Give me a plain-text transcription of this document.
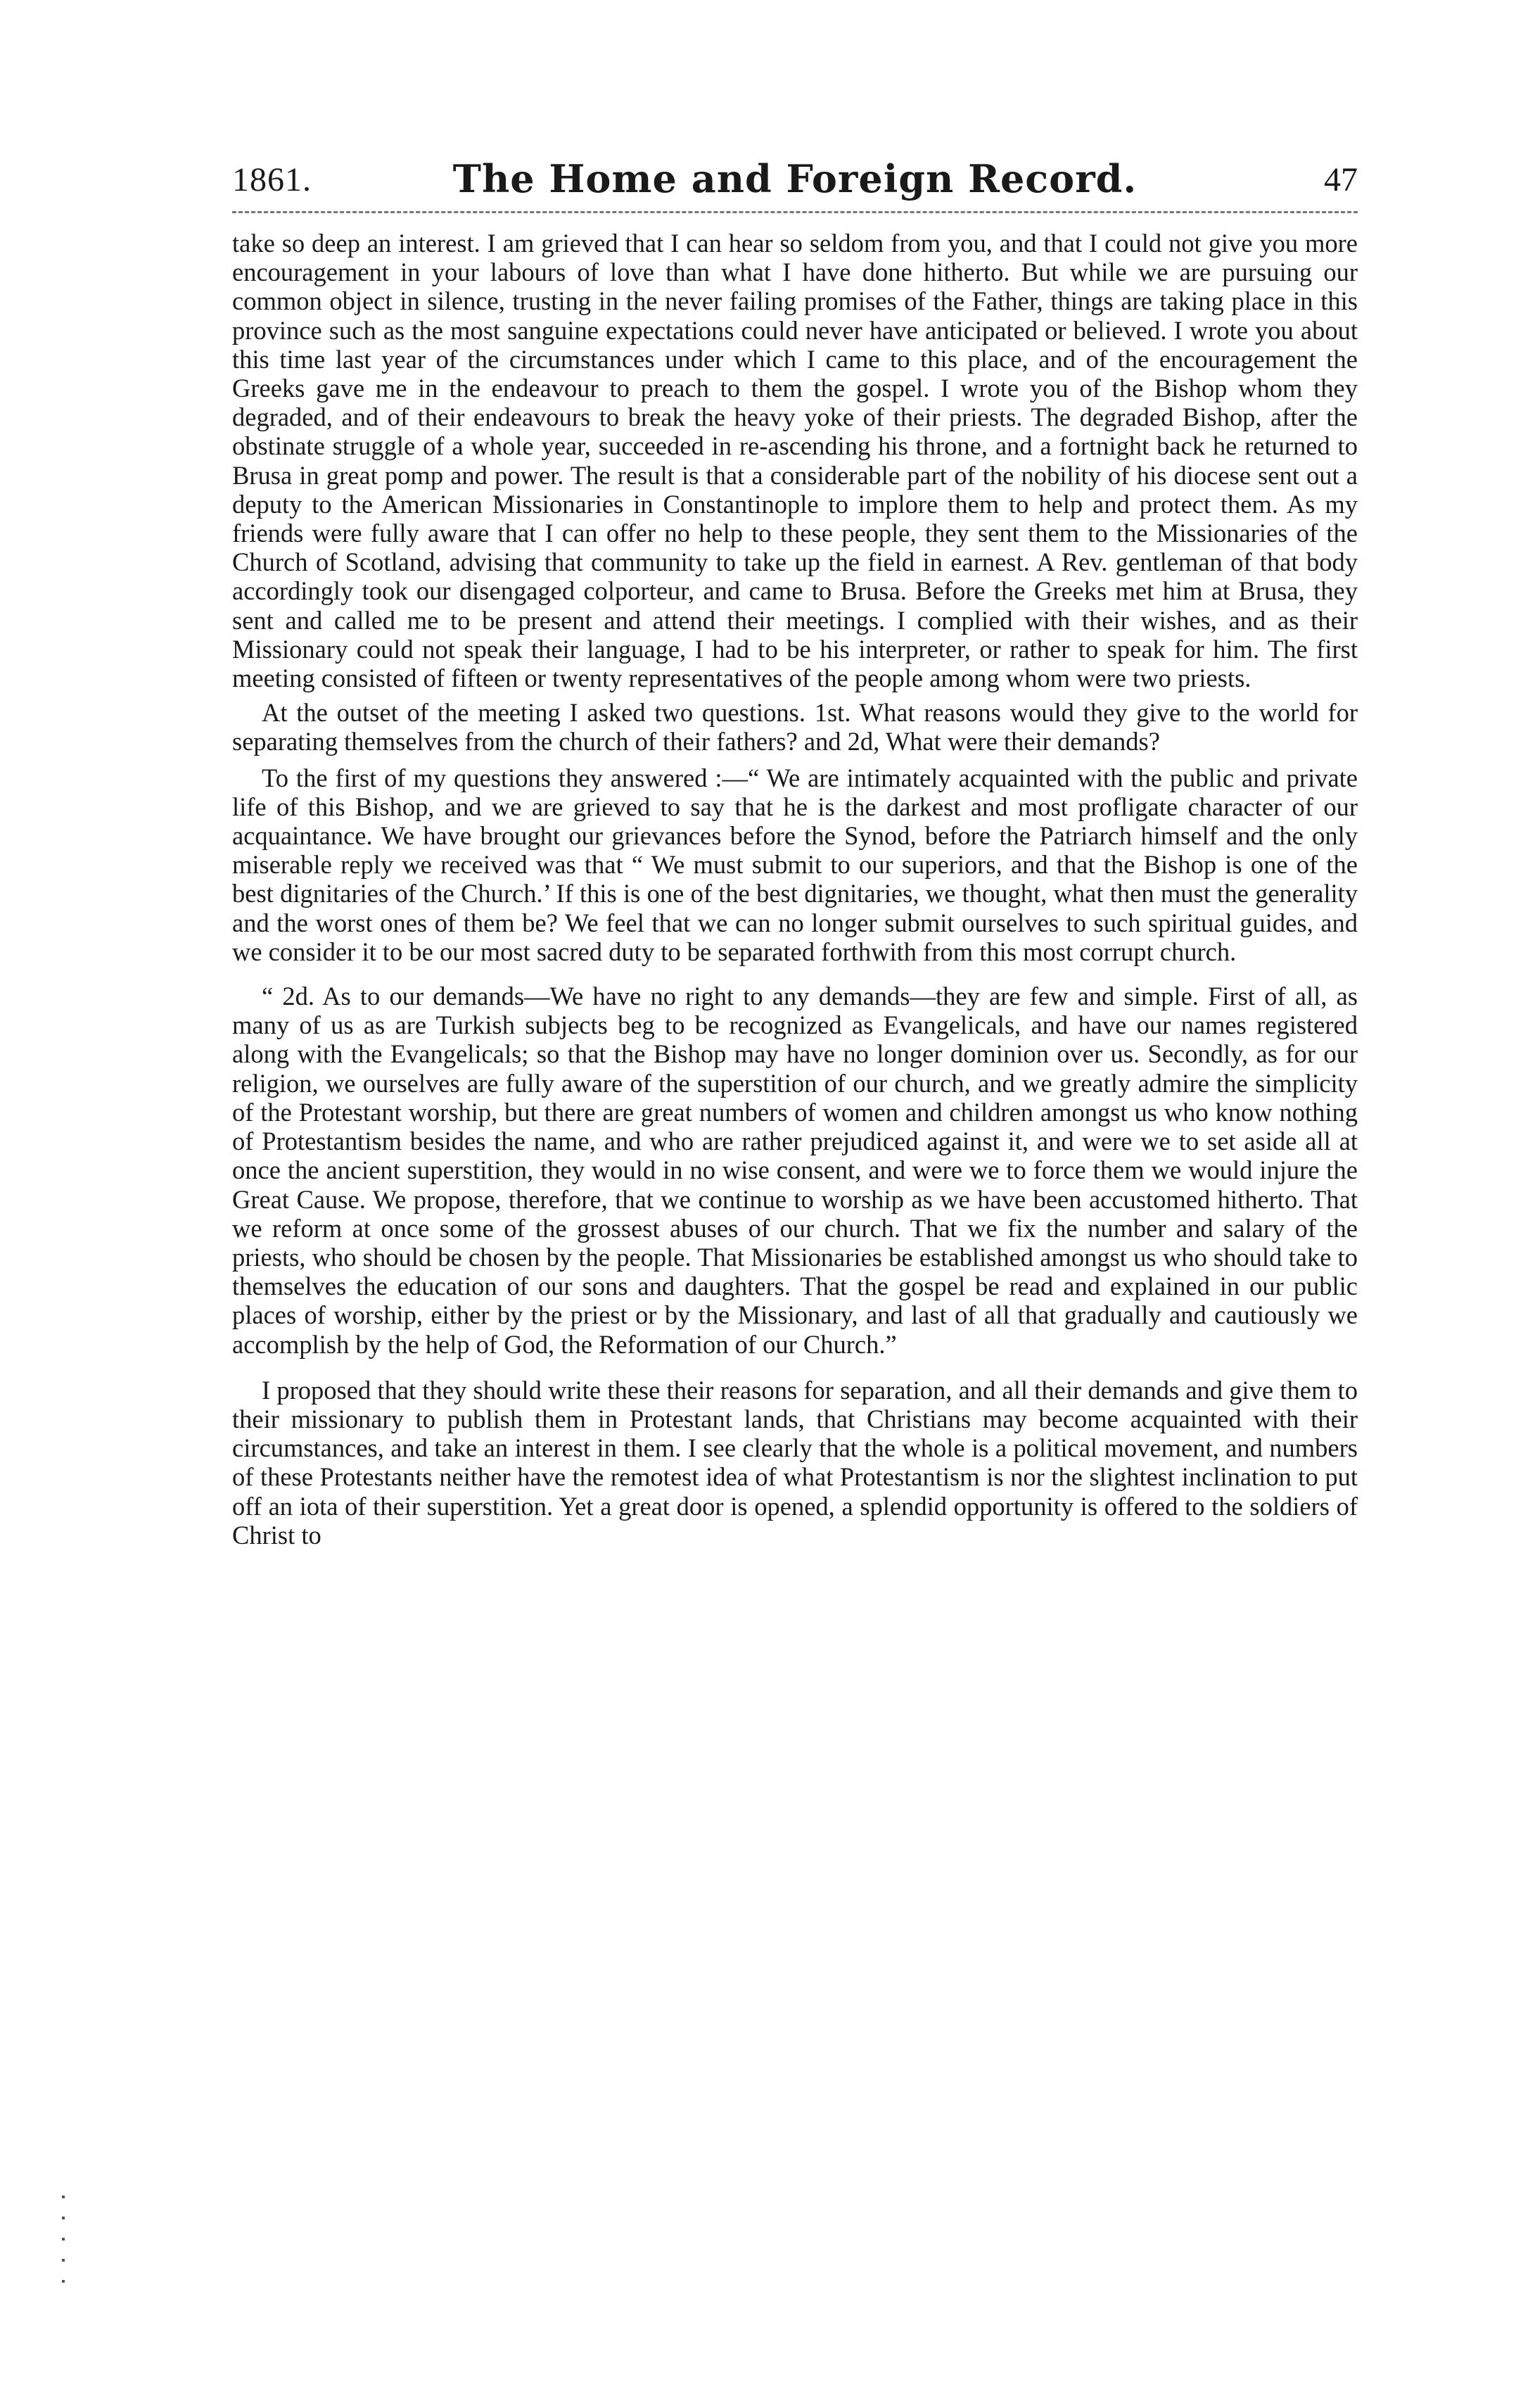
1861.	The Home and Foreign Record.	47

take so deep an interest. I am grieved that I can hear so seldom from you, and that I could not give you more encouragement in your labours of love than what I have done hitherto. But while we are pursuing our common object in silence, trusting in the never failing promises of the Father, things are taking place in this province such as the most sanguine expectations could never have anticipated or believed. I wrote you about this time last year of the circumstances under which I came to this place, and of the encouragement the Greeks gave me in the endeavour to preach to them the gospel. I wrote you of the Bishop whom they degraded, and of their endeavours to break the heavy yoke of their priests. The degraded Bishop, after the obstinate struggle of a whole year, succeeded in re-ascending his throne, and a fortnight back he returned to Brusa in great pomp and power. The result is that a considerable part of the nobility of his diocese sent out a deputy to the American Missionaries in Constantinople to implore them to help and protect them. As my friends were fully aware that I can offer no help to these people, they sent them to the Missionaries of the Church of Scotland, advising that community to take up the field in earnest. A Rev. gentleman of that body accordingly took our disengaged colporteur, and came to Brusa. Before the Greeks met him at Brusa, they sent and called me to be present and attend their meetings. I complied with their wishes, and as their Missionary could not speak their language, I had to be his interpreter, or rather to speak for him. The first meeting consisted of fifteen or twenty representatives of the people among whom were two priests.

At the outset of the meeting I asked two questions. 1st. What reasons would they give to the world for separating themselves from the church of their fathers? and 2d, What were their demands?

To the first of my questions they answered :—“ We are intimately acquainted with the public and private life of this Bishop, and we are grieved to say that he is the darkest and most profligate character of our acquaintance. We have brought our grievances before the Synod, before the Patriarch himself and the only miserable reply we received was that “ We must submit to our superiors, and that the Bishop is one of the best dignitaries of the Church.’ If this is one of the best dignitaries, we thought, what then must the generality and the worst ones of them be? We feel that we can no longer submit ourselves to such spiritual guides, and we consider it to be our most sacred duty to be separated forthwith from this most corrupt church.

“ 2d. As to our demands—We have no right to any demands—they are few and simple. First of all, as many of us as are Turkish subjects beg to be recognized as Evangelicals, and have our names registered along with the Evangelicals; so that the Bishop may have no longer dominion over us. Secondly, as for our religion, we ourselves are fully aware of the superstition of our church, and we greatly admire the simplicity of the Protestant worship, but there are great numbers of women and children amongst us who know nothing of Protestantism besides the name, and who are rather prejudiced against it, and were we to set aside all at once the ancient superstition, they would in no wise consent, and were we to force them we would injure the Great Cause. We propose, therefore, that we continue to worship as we have been accustomed hitherto. That we reform at once some of the grossest abuses of our church. That we fix the number and salary of the priests, who should be chosen by the people. That Missionaries be established amongst us who should take to themselves the education of our sons and daughters. That the gospel be read and explained in our public places of worship, either by the priest or by the Missionary, and last of all that gradually and cautiously we accomplish by the help of God, the Reformation of our Church.”

I proposed that they should write these their reasons for separation, and all their demands and give them to their missionary to publish them in Protestant lands, that Christians may become acquainted with their circumstances, and take an interest in them. I see clearly that the whole is a political movement, and numbers of these Protestants neither have the remotest idea of what Protestantism is nor the slightest inclination to put off an iota of their superstition. Yet a great door is opened, a splendid opportunity is offered to the soldiers of Christ to
